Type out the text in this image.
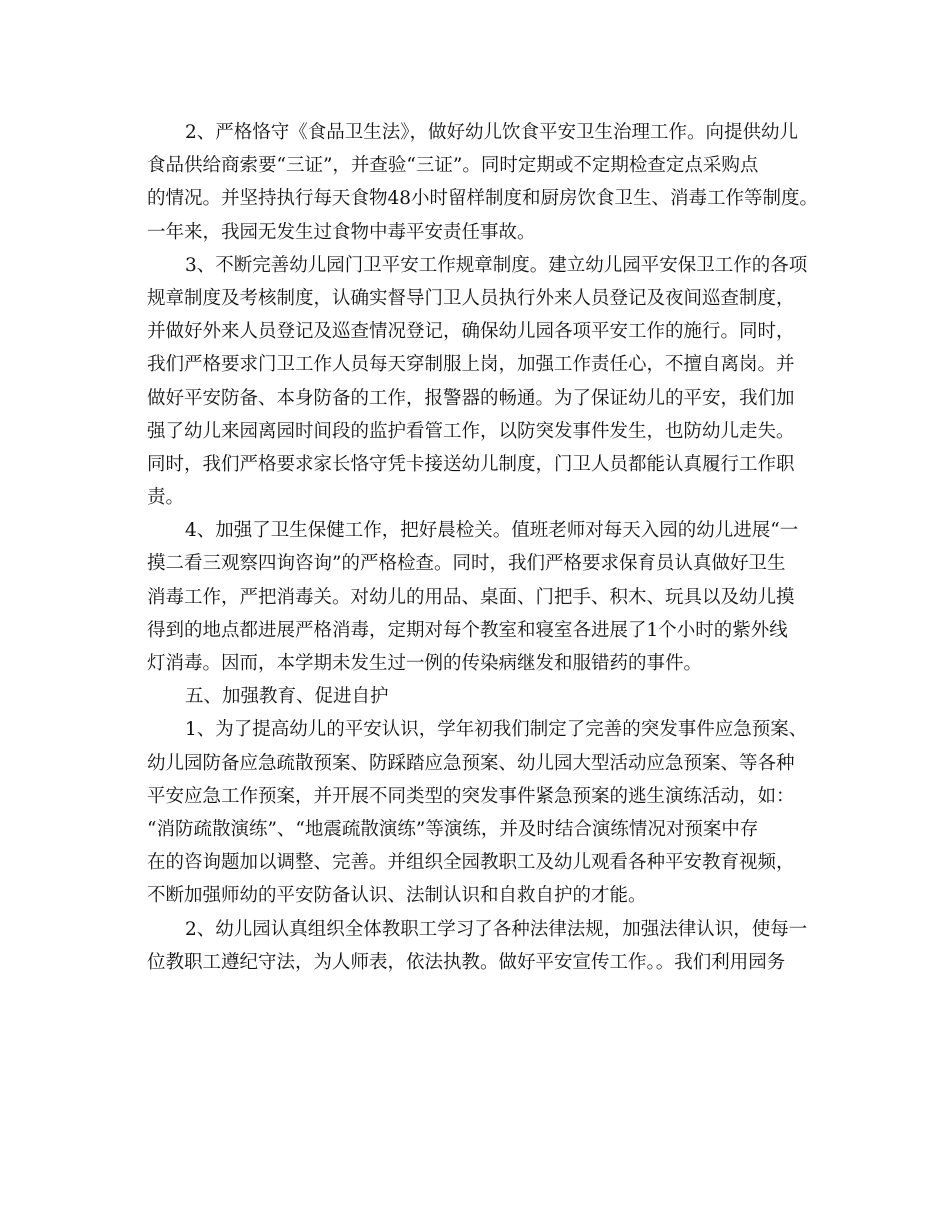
2、严格恪守《食品卫生法》，做好幼儿饮食平安卫生治理工作。向提供幼儿
食品供给商索要“三证”，并查验“三证”。同时定期或不定期检查定点采购点
的情况。并坚持执行每天食物48小时留样制度和厨房饮食卫生、消毒工作等制度。
一年来，我园无发生过食物中毒平安责任事故。
3、不断完善幼儿园门卫平安工作规章制度。建立幼儿园平安保卫工作的各项
规章制度及考核制度，认确实督导门卫人员执行外来人员登记及夜间巡查制度，
并做好外来人员登记及巡查情况登记，确保幼儿园各项平安工作的施行。同时，
我们严格要求门卫工作人员每天穿制服上岗，加强工作责任心，不擅自离岗。并
做好平安防备、本身防备的工作，报警器的畅通。为了保证幼儿的平安，我们加
强了幼儿来园离园时间段的监护看管工作，以防突发事件发生，也防幼儿走失。
同时，我们严格要求家长恪守凭卡接送幼儿制度，门卫人员都能认真履行工作职
责。
4、加强了卫生保健工作，把好晨检关。值班老师对每天入园的幼儿进展“一
摸二看三观察四询咨询”的严格检查。同时，我们严格要求保育员认真做好卫生
消毒工作，严把消毒关。对幼儿的用品、桌面、门把手、积木、玩具以及幼儿摸
得到的地点都进展严格消毒，定期对每个教室和寝室各进展了1个小时的紫外线
灯消毒。因而，本学期未发生过一例的传染病继发和服错药的事件。
五、加强教育、促进自护
1、为了提高幼儿的平安认识，学年初我们制定了完善的突发事件应急预案、
幼儿园防备应急疏散预案、防踩踏应急预案、幼儿园大型活动应急预案、等各种
平安应急工作预案，并开展不同类型的突发事件紧急预案的逃生演练活动，如：
“消防疏散演练”、“地震疏散演练”等演练，并及时结合演练情况对预案中存
在的咨询题加以调整、完善。并组织全园教职工及幼儿观看各种平安教育视频，
不断加强师幼的平安防备认识、法制认识和自救自护的才能。
2、幼儿园认真组织全体教职工学习了各种法律法规，加强法律认识，使每一
位教职工遵纪守法，为人师表，依法执教。做好平安宣传工作。。我们利用园务
